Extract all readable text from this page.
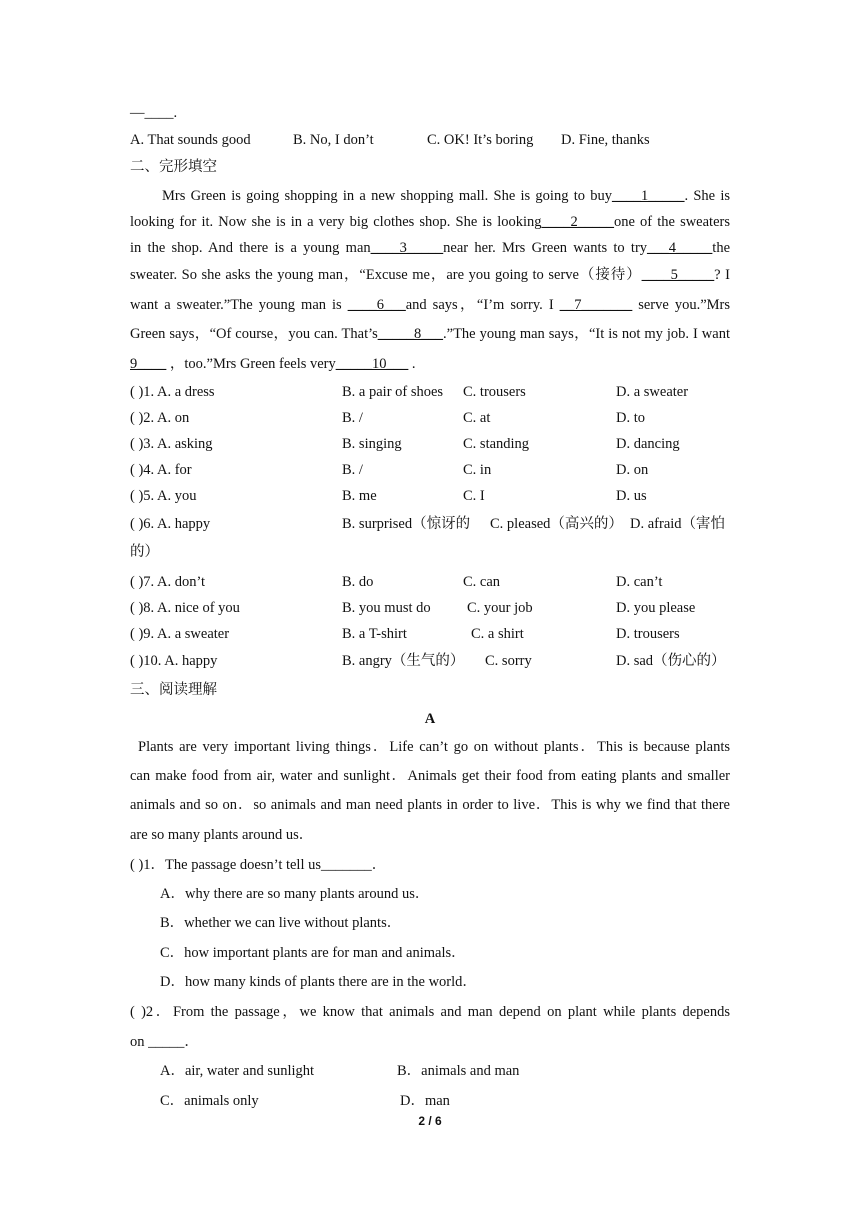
—____.
A. That sounds good	B. No, I don’t	C. OK! It’s boring D. Fine, thanks
二、完形填空
Mrs Green is going shopping in a new shopping mall. She is going to buy____1_____. She is
looking for it. Now she is in a very big clothes shop. She is looking____2_____one of the sweaters
in the shop. And there is a young man____3_____near her. Mrs Green wants to try___4_____the
sweater. So she asks the young man，“Excuse me，are you going to serve（接待）____5_____? I
want a sweater.”The young man is ____6___and says，“I’m sorry. I __7_______ serve you.”Mrs
Green says，“Of course，you can. That’s_____8___.”The young man says，“It is not my job. I want
9____ ，too.”Mrs Green feels very_____10___ .
( )1. A. a dress	B. a pair of shoes C. trousers	D. a sweater
( )2. A. on	B. /	C. at	D. to
( )3. A. asking	B. singing	C. standing	D. dancing
( )4. A. for	B. /	C. in	D. on
( )5. A. you	B. me	C. I	D. us
( )6. A. happy	B. surprised（惊讶的 C. pleased（高兴的） D. afraid（害怕
的）
( )7. A. don’t	B. do	C. can	D. can’t
( )8. A. nice of you	B. you must do	C. your job	D. you please
( )9. A. a sweater	B. a T-shirt	C. a shirt	D. trousers
( )10. A. happy	B. angry（生气的） C. sorry	D. sad（伤心的）
三、阅读理解
A
Plants are very important living things．Life can’t go on without plants．This is because plants
can make food from air, water and sunlight．Animals get their food from eating plants and smaller
animals and so on．so animals and man need plants in order to live．This is why we find that there
are so many plants around us．
( )1．The passage doesn’t tell us_______．
A．why there are so many plants around us．
B．whether we can live without plants．
C．how important plants are for man and animals．
D．how many kinds of plants there are in the world．
( )2．From the passage，we know that animals and man depend on plant while plants depends
on _____．
A．air, water and sunlight	B．animals and man
C．animals only	D．man
2 / 6
